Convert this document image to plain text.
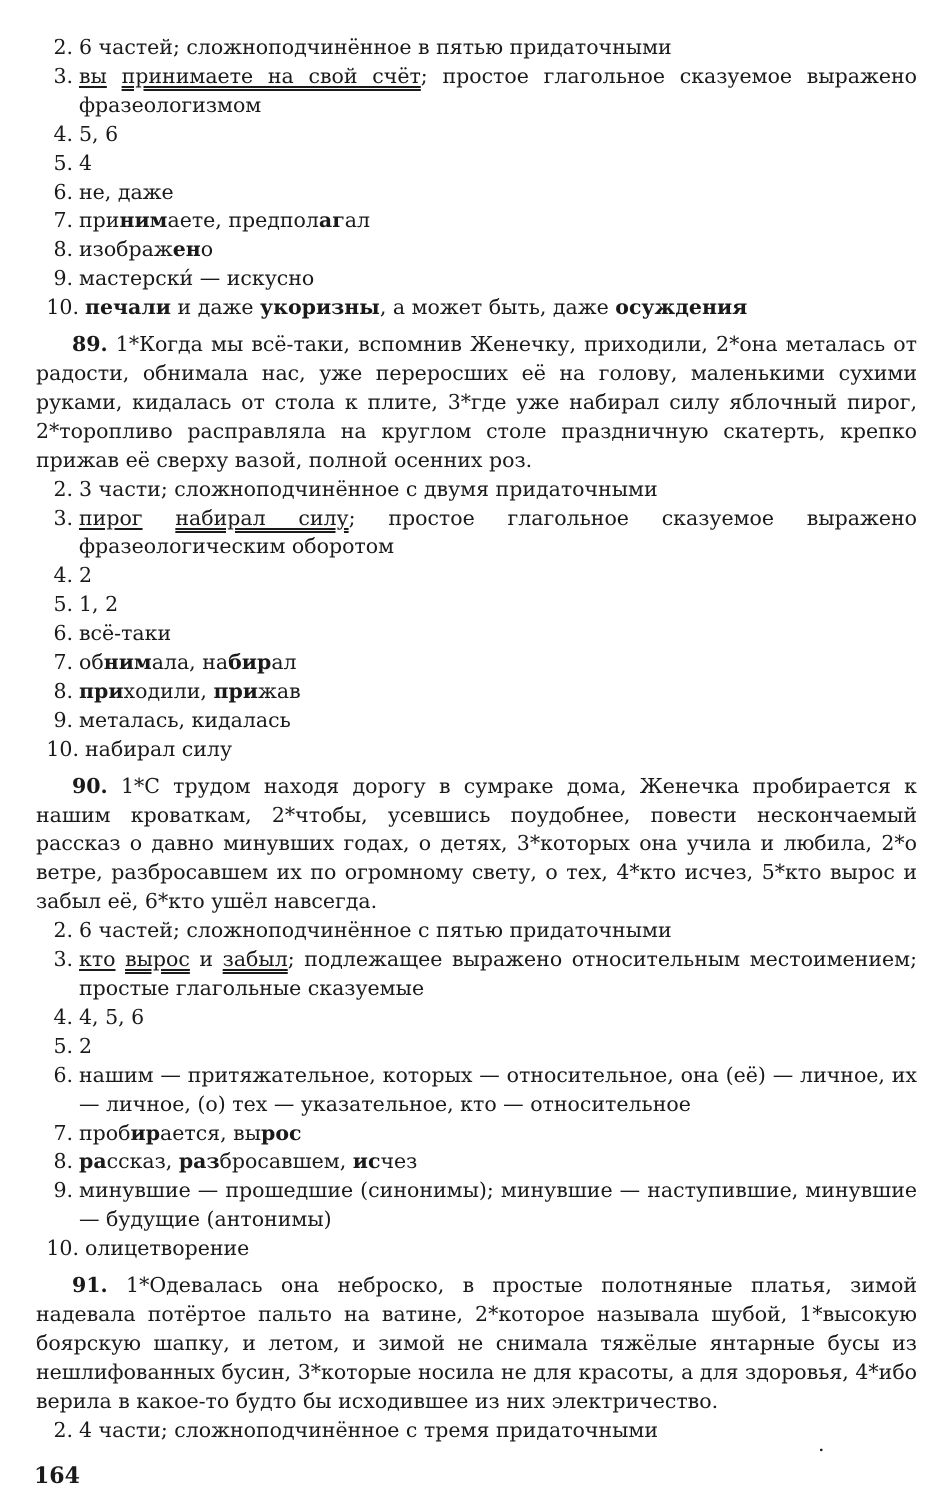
2. 6 частей; сложноподчинённое в пятью придаточными
3. вы принимаете на свой счёт; простое глагольное сказуемое выражено фразеологизмом
4. 5, 6
5. 4
6. не, даже
7. принимаете, предполагал
8. изображено
9. мастерски́ — искусно
10. печали и даже укоризны, а может быть, даже осуждения

89. 1*Когда мы всё-таки, вспомнив Женечку, приходили, 2*она металась от радости, обнимала нас, уже переросших её на голову, маленькими сухими руками, кидалась от стола к плите, 3*где уже набирал силу яблочный пирог, 2*торопливо расправляла на круглом столе праздничную скатерть, крепко прижав её сверху вазой, полной осенних роз.

2. 3 части; сложноподчинённое с двумя придаточными
3. пирог набирал силу; простое глагольное сказуемое выражено фразеологическим оборотом
4. 2
5. 1, 2
6. всё-таки
7. обнимала, набирал
8. приходили, прижав
9. металась, кидалась
10. набирал силу

90. 1*С трудом находя дорогу в сумраке дома, Женечка пробирается к нашим кроваткам, 2*чтобы, усевшись поудобнее, повести нескончаемый рассказ о давно минувших годах, о детях, 3*которых она учила и любила, 2*о ветре, разбросавшем их по огромному свету, о тех, 4*кто исчез, 5*кто вырос и забыл её, 6*кто ушёл навсегда.

2. 6 частей; сложноподчинённое с пятью придаточными
3. кто вырос и забыл; подлежащее выражено относительным местоимением; простые глагольные сказуемые
4. 4, 5, 6
5. 2
6. нашим — притяжательное, которых — относительное, она (её) — личное, их — личное, (о) тех — указательное, кто — относительное
7. пробирается, вырос
8. рассказ, разбросавшем, исчез
9. минувшие — прошедшие (синонимы); минувшие — наступившие, минувшие — будущие (антонимы)
10. олицетворение

91. 1*Одевалась она неброско, в простые полотняные платья, зимой надевала потёртое пальто на ватине, 2*которое называла шубой, 1*высокую боярскую шапку, и летом, и зимой не снимала тяжёлые янтарные бусы из нешлифованных бусин, 3*которые носила не для красоты, а для здоровья, 4*ибо верила в какое-то будто бы исходившее из них электричество.

2. 4 части; сложноподчинённое с тремя придаточными
.
164
